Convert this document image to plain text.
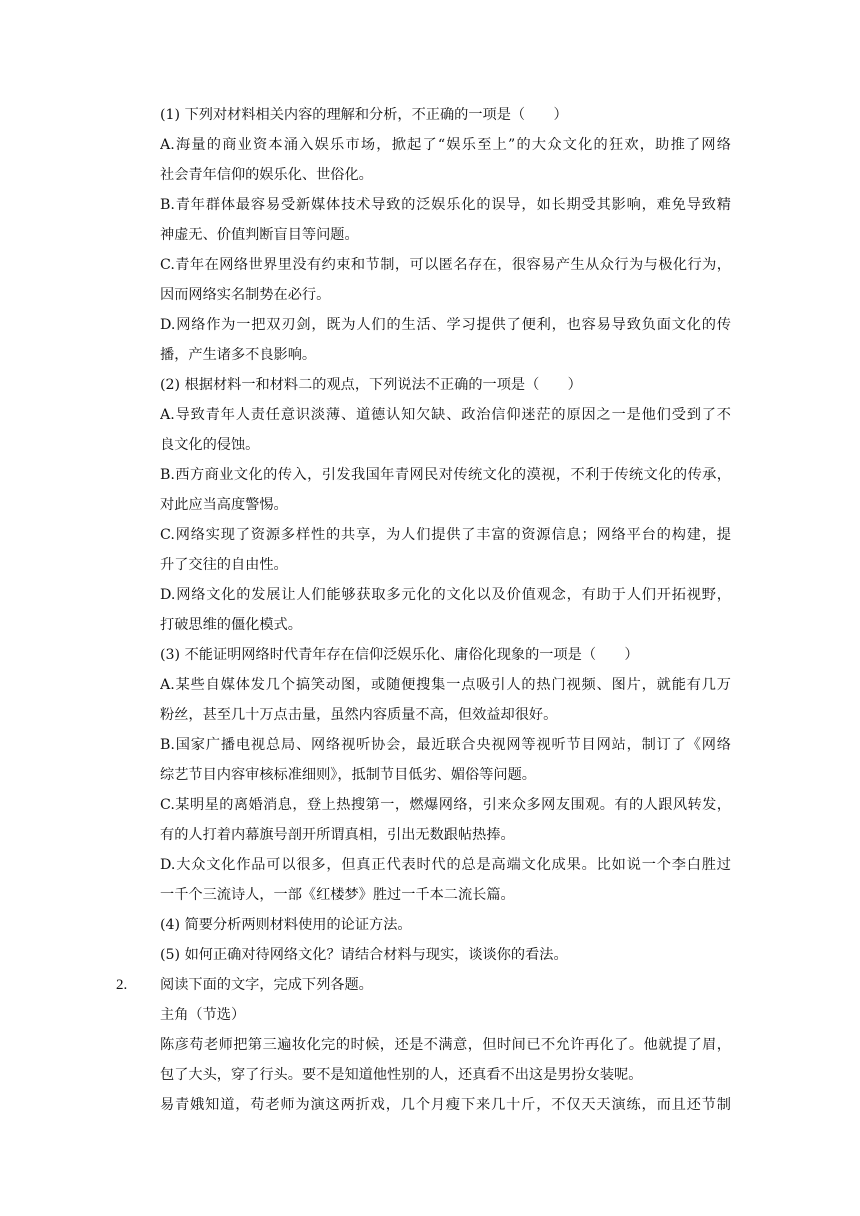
(1) 下列对材料相关内容的理解和分析，不正确的一项是（　　）
A.海量的商业资本涌入娱乐市场，掀起了“娱乐至上”的大众文化的狂欢，助推了网络
社会青年信仰的娱乐化、世俗化。
B.青年群体最容易受新媒体技术导致的泛娱乐化的误导，如长期受其影响，难免导致精
神虚无、价值判断盲目等问题。
C.青年在网络世界里没有约束和节制，可以匿名存在，很容易产生从众行为与极化行为，
因而网络实名制势在必行。
D.网络作为一把双刃剑，既为人们的生活、学习提供了便利，也容易导致负面文化的传
播，产生诸多不良影响。
(2) 根据材料一和材料二的观点，下列说法不正确的一项是（　　）
A.导致青年人责任意识淡薄、道德认知欠缺、政治信仰迷茫的原因之一是他们受到了不
良文化的侵蚀。
B.西方商业文化的传入，引发我国年青网民对传统文化的漠视，不利于传统文化的传承，
对此应当高度警惕。
C.网络实现了资源多样性的共享，为人们提供了丰富的资源信息；网络平台的构建，提
升了交往的自由性。
D.网络文化的发展让人们能够获取多元化的文化以及价值观念，有助于人们开拓视野，
打破思维的僵化模式。
(3) 不能证明网络时代青年存在信仰泛娱乐化、庸俗化现象的一项是（　　）
A.某些自媒体发几个搞笑动图，或随便搜集一点吸引人的热门视频、图片，就能有几万
粉丝，甚至几十万点击量，虽然内容质量不高，但效益却很好。
B.国家广播电视总局、网络视听协会，最近联合央视网等视听节目网站，制订了《网络
综艺节目内容审核标准细则》，抵制节目低劣、媚俗等问题。
C.某明星的离婚消息，登上热搜第一，燃爆网络，引来众多网友围观。有的人跟风转发，
有的人打着内幕旗号剖开所谓真相，引出无数跟帖热捧。
D.大众文化作品可以很多，但真正代表时代的总是高端文化成果。比如说一个李白胜过
一千个三流诗人，一部《红楼梦》胜过一千本二流长篇。
(4) 简要分析两则材料使用的论证方法。
(5) 如何正确对待网络文化？请结合材料与现实，谈谈你的看法。
2. 阅读下面的文字，完成下列各题。
主角（节选）
陈彦苟老师把第三遍妆化完的时候，还是不满意，但时间已不允许再化了。他就提了眉，
包了大头，穿了行头。要不是知道他性别的人，还真看不出这是男扮女装呢。
易青娥知道，苟老师为演这两折戏，几个月瘦下来几十斤，不仅天天演练，而且还节制
